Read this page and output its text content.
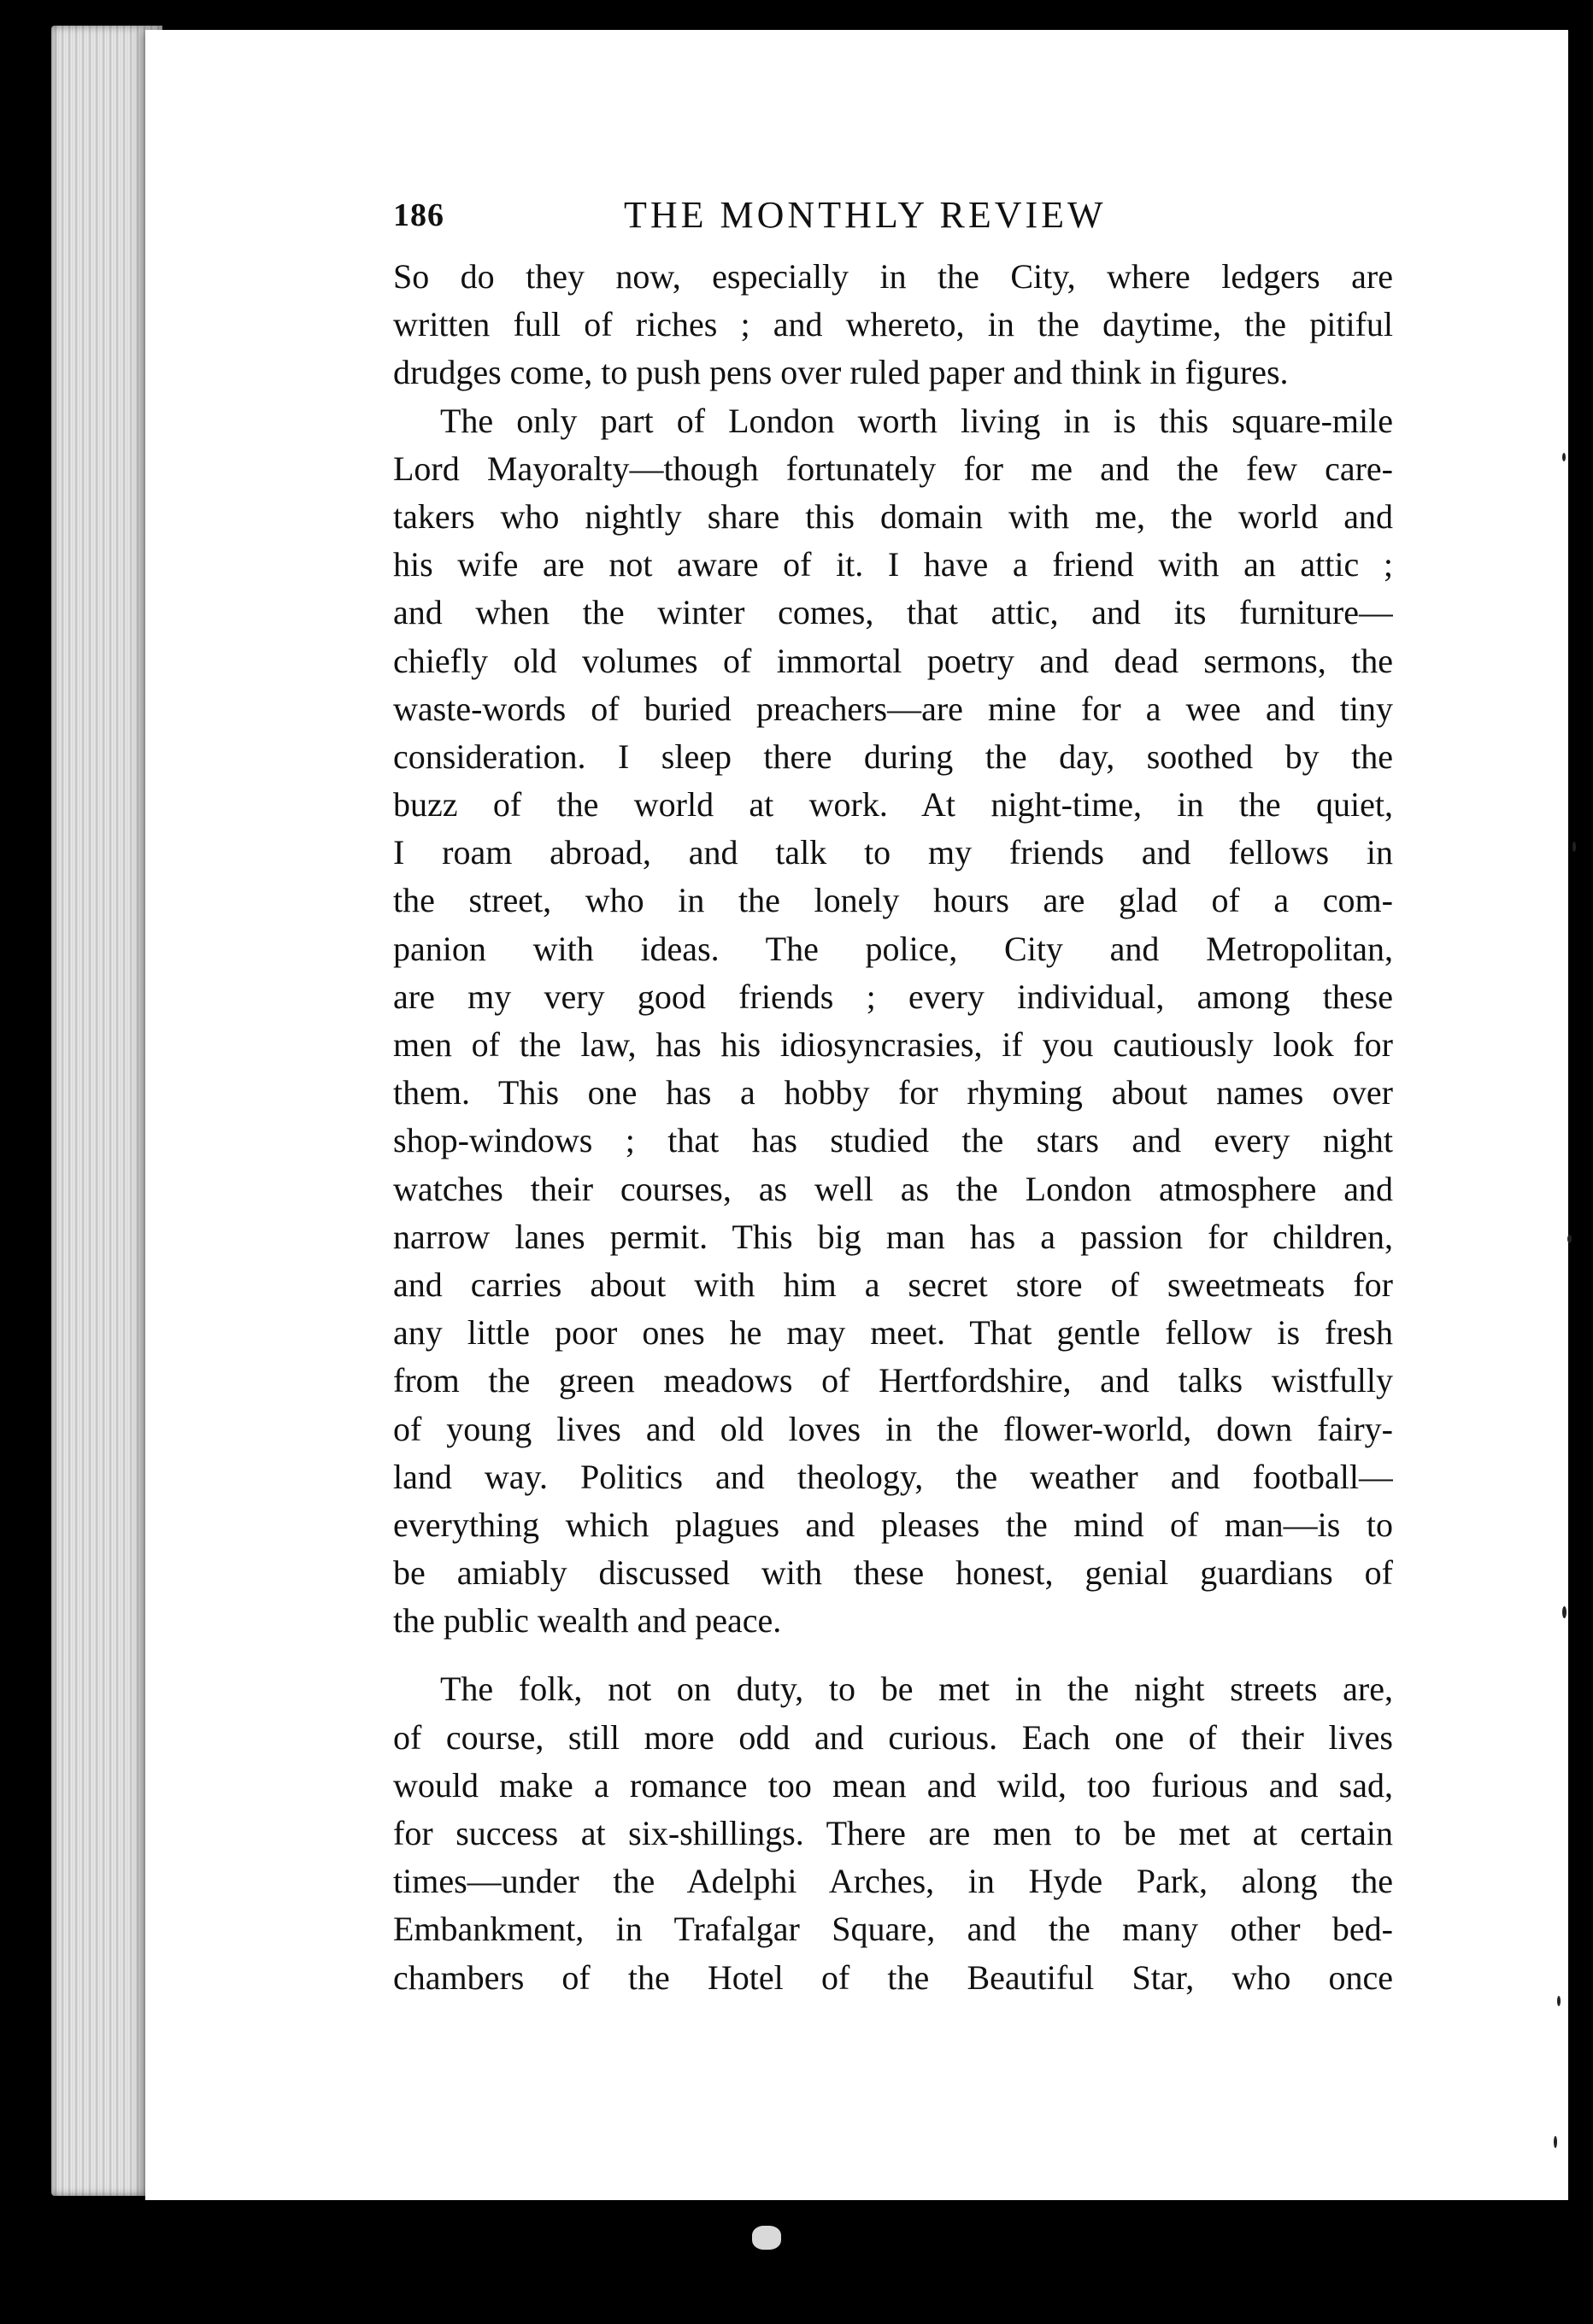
186	THE MONTHLY REVIEW
So do they now, especially in the City, where ledgers are
written full of riches ; and whereto, in the daytime, the pitiful
drudges come, to push pens over ruled paper and think in figures.
The only part of London worth living in is this square-mile
Lord Mayoralty—though fortunately for me and the few care-
takers who nightly share this domain with me, the world and
his wife are not aware of it. I have a friend with an attic ;
and when the winter comes, that attic, and its furniture—
chiefly old volumes of immortal poetry and dead sermons, the
waste-words of buried preachers—are mine for a wee and tiny
consideration. I sleep there during the day, soothed by the
buzz of the world at work. At night-time, in the quiet,
I roam abroad, and talk to my friends and fellows in
the street, who in the lonely hours are glad of a com-
panion with ideas. The police, City and Metropolitan,
are my very good friends ; every individual, among these
men of the law, has his idiosyncrasies, if you cautiously look for
them. This one has a hobby for rhyming about names over
shop-windows ; that has studied the stars and every night
watches their courses, as well as the London atmosphere and
narrow lanes permit. This big man has a passion for children,
and carries about with him a secret store of sweetmeats for
any little poor ones he may meet. That gentle fellow is fresh
from the green meadows of Hertfordshire, and talks wistfully
of young lives and old loves in the flower-world, down fairy-
land way. Politics and theology, the weather and football—
everything which plagues and pleases the mind of man—is to
be amiably discussed with these honest, genial guardians of
the public wealth and peace.
The folk, not on duty, to be met in the night streets are,
of course, still more odd and curious. Each one of their lives
would make a romance too mean and wild, too furious and sad,
for success at six-shillings. There are men to be met at certain
times—under the Adelphi Arches, in Hyde Park, along the
Embankment, in Trafalgar Square, and the many other bed-
chambers of the Hotel of the Beautiful Star, who once
